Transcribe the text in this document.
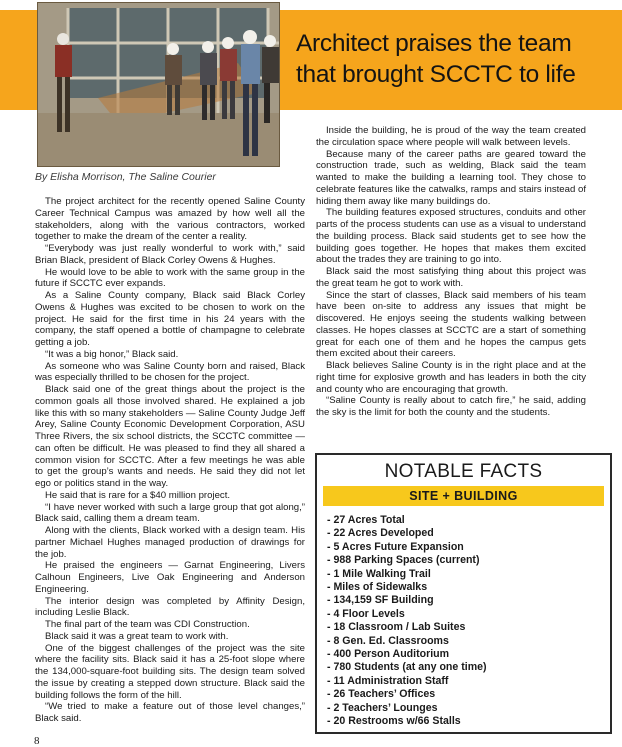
Architect praises the team
that brought SCCTC to life
By Elisha Morrison, The Saline Courier

The project architect for the recently opened Saline County Career Technical Campus was amazed by how well all the stakeholders, along with the various contractors, worked together to make the dream of the center a reality.

“Everybody was just really wonderful to work with,” said Brian Black, president of Black Corley Owens & Hughes.

He would love to be able to work with the same group in the future if SCCTC ever expands.

As a Saline County company, Black said Black Corley Owens & Hughes was excited to be chosen to work on the project. He said for the first time in his 24 years with the company, the staff opened a bottle of champagne to celebrate getting a job.

“It was a big honor,” Black said.

As someone who was Saline County born and raised, Black was especially thrilled to be chosen for the project.

Black said one of the great things about the project is the common goals all those involved shared. He explained a job like this with so many stakeholders — Saline County Judge Jeff Arey, Saline County Economic Development Corporation, ASU Three Rivers, the six school districts, the SCCTC committee — can often be difficult. He was pleased to find they all shared a common vision for SCCTC. After a few meetings he was able to get the group’s wants and needs. He said they did not let ego or politics stand in the way.

He said that is rare for a $40 million project.

“I have never worked with such a large group that got along,” Black said, calling them a dream team.

Along with the clients, Black worked with a design team. His partner Michael Hughes managed production of drawings for the job.

He praised the engineers — Garnat Engineering, Livers Calhoun Engineers, Live Oak Engineering and Anderson Engineering.

The interior design was completed by Affinity Design, including Leslie Black.

The final part of the team was CDI Construction.

Black said it was a great team to work with.

One of the biggest challenges of the project was the site where the facility sits. Black said it has a 25-foot slope where the 134,000-square-foot building sits. The design team solved the issue by creating a stepped down structure. Black said the building follows the form of the hill.

“We tried to make a feature out of those level changes,” Black said.

Inside the building, he is proud of the way the team created the circulation space where people will walk between levels.

Because many of the career paths are geared toward the construction trade, such as welding, Black said the team wanted to make the building a learning tool. They chose to celebrate features like the catwalks, ramps and stairs instead of hiding them away like many buildings do.

The building features exposed structures, conduits and other parts of the process students can use as a visual to understand the building process. Black said students get to see how the building goes together. He hopes that makes them excited about the trades they are training to go into.

Black said the most satisfying thing about this project was the great team he got to work with.

Since the start of classes, Black said members of his team have been on-site to address any issues that might be discovered. He enjoys seeing the students walking between classes. He hopes classes at SCCTC are a start of something great for each one of them and he hopes the campus gets them excited about their careers.

Black believes Saline County is in the right place and at the right time for explosive growth and has leaders in both the city and county who are encouraging that growth.

“Saline County is really about to catch fire,” he said, adding the sky is the limit for both the county and the students.

NOTABLE FACTS
SITE + BUILDING
- 27 Acres Total
- 22 Acres Developed
- 5 Acres Future Expansion
- 988 Parking Spaces (current)
- 1 Mile Walking Trail
- Miles of Sidewalks
- 134,159 SF Building
- 4 Floor Levels
- 18 Classroom / Lab Suites
- 8 Gen. Ed. Classrooms
- 400 Person Auditorium
- 780 Students (at any one time)
- 11 Administration Staff
- 26 Teachers’ Offices
- 2 Teachers’ Lounges
- 20 Restrooms w/66 Stalls
8
